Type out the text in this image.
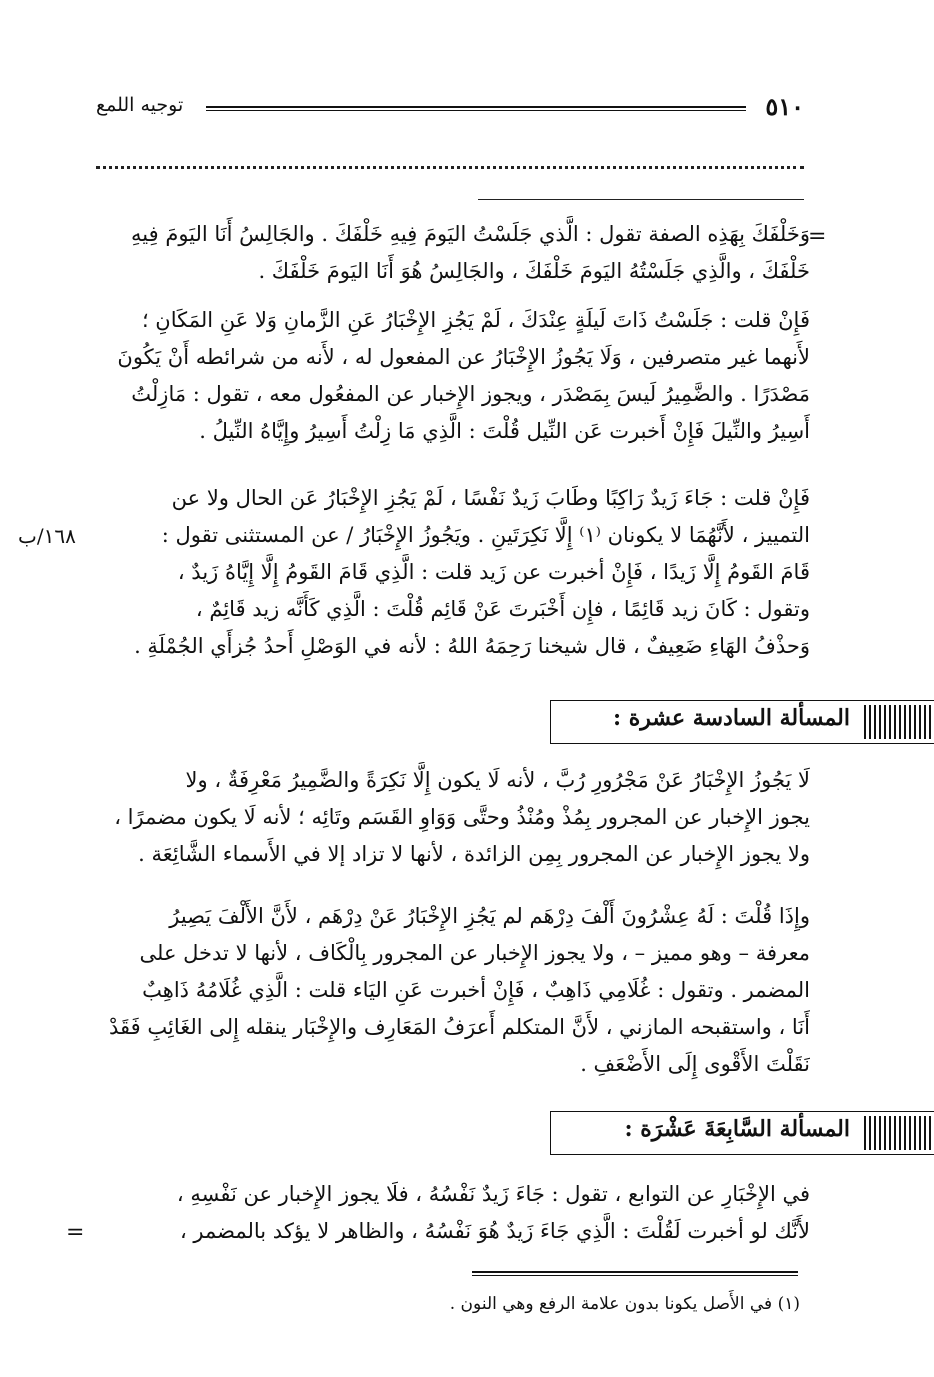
٥١٠
توجيه اللمع
=
وَخَلْفَكَ بِهَذِه الصفة تقول : الَّذي جَلَسْتُ اليَومَ فِيهِ خَلْفَكَ . والجَالِسُ أَنَا اليَومَ فِيهِ
خَلْفَكَ ، والَّذِي جَلَسْتُهُ اليَومَ خَلْفَكَ ، والجَالِسُ هُوَ أَنَا اليَومَ خَلْفَكَ .
فَإِنْ قلت : جَلَسْتُ ذَاتَ لَيلَةٍ عِنْدَكَ ، لَمْ يَجُزِ الإِخْبَارُ عَنِ الزَّمانِ وَلا عَنِ المَكَانِ ؛
لأَنهما غير متصرفين ، وَلَا يَجُوزُ الإِخْبَارُ عن المفعول له ، لأَنه من شرائطه أَنْ يَكُونَ
مَصْدَرًا . والضَّمِيرُ لَيسَ بِمَصْدَر ، ويجوز الإِخبار عن المفعُول معه ، تقول : مَازِلْتُ
أَسِيرُ والنِّيلَ فَإِنْ أَخبرت عَن النِّيل قُلْتَ : الَّذِي مَا زِلْتُ أَسِيرُ وإِيَّاهُ النِّيلُ .
فَإِنْ قلت : جَاءَ زَيدٌ رَاكِبًا وطَابَ زَيدٌ نَفْسًا ، لَمْ يَجُزِ الإِخْبَارُ عَن الحال ولا عن
التمييز ، لأَنَّهُمَا لا يكونان ⁽١⁾ إِلَّا نَكِرَتَينِ . ويَجُوزُ الإِخْبَارُ / عن المستثنى تقول :
قَامَ القَومُ إِلَّا زَيدًا ، فَإِنْ أخبرت عن زَيد قلت : الَّذِي قَامَ القَومُ إِلَّا إِيَّاهُ زَيدٌ ،
وتقول : كَانَ زيد قَائِمًا ، فإِن أَخْبَرتَ عَنْ قَائِم قُلْتَ : الَّذِي كَأَنَّه زيد قَائِمٌ ،
وَحذْفُ الهَاءِ ضَعِيفٌ ، قال شيخنا رَحِمَهُ اللهُ : لأنه في الوَصْلِ أَحدُ جُزأَي الجُمْلَةِ .
١٦٨/ب
المسألة السادسة عشرة :
لَا يَجُوزُ الإِخْبَارُ عَنْ مَجْرُورِ رُبَّ ، لأنه لَا يكون إِلَّا نَكِرَةً والضَّمِيرُ مَعْرِفَةٌ ، ولا
يجوز الإِخبار عن المجرور بِمُذْ ومُنْذُ وحتَّى وَوَاوِ القَسَم وتَائِه ؛ لأنه لَا يكون مضمرًا ،
ولا يجوز الإِخبار عن المجرور بِمِن الزائدة ، لأنها لا تزاد إلا في الأَسماء الشَّائِعَة .
وإِذَا قُلْتَ : لَهُ عِشْرُونَ أَلْفَ دِرْهَم لم يَجُزِ الإِخْبَارُ عَنْ دِرْهَم ، لأَنَّ الأَلْفَ يَصِيرُ
معرفة – وهو مميز – ، ولا يجوز الإِخبار عن المجرور بِالْكَاف ، لأنها لا تدخل على
المضمر . وتقول : غُلَامِي ذَاهِبٌ ، فَإِنْ أخبرت عَنِ اليَاء قلت : الَّذِي غُلَامُهُ ذَاهِبٌ
أَنَا ، واستقبحه المازني ، لأَنَّ المتكلم أَعرَفُ المَعَارِف والإِخْبَار ينقله إِلى الغَائِبِ فَقَدْ
نَقَلْتَ الأَقْوى إِلَى الأَضْعَفِ .
المسألة السَّابِعَةَ عَشْرَة :
في الإِخْبَارِ عن التوابع ، تقول : جَاءَ زَيدٌ نَفْسُهُ ، فلَا يجوز الإِخبار عن نَفْسِهِ ،
لأَنَّك لو أخبرت لَقُلْتَ : الَّذِي جَاءَ زَيدٌ هُوَ نَفْسُهُ ، والظاهر لا يؤكد بالمضمر ،
=
(١) في الأَصل يكونا بدون علامة الرفع وهي النون .
